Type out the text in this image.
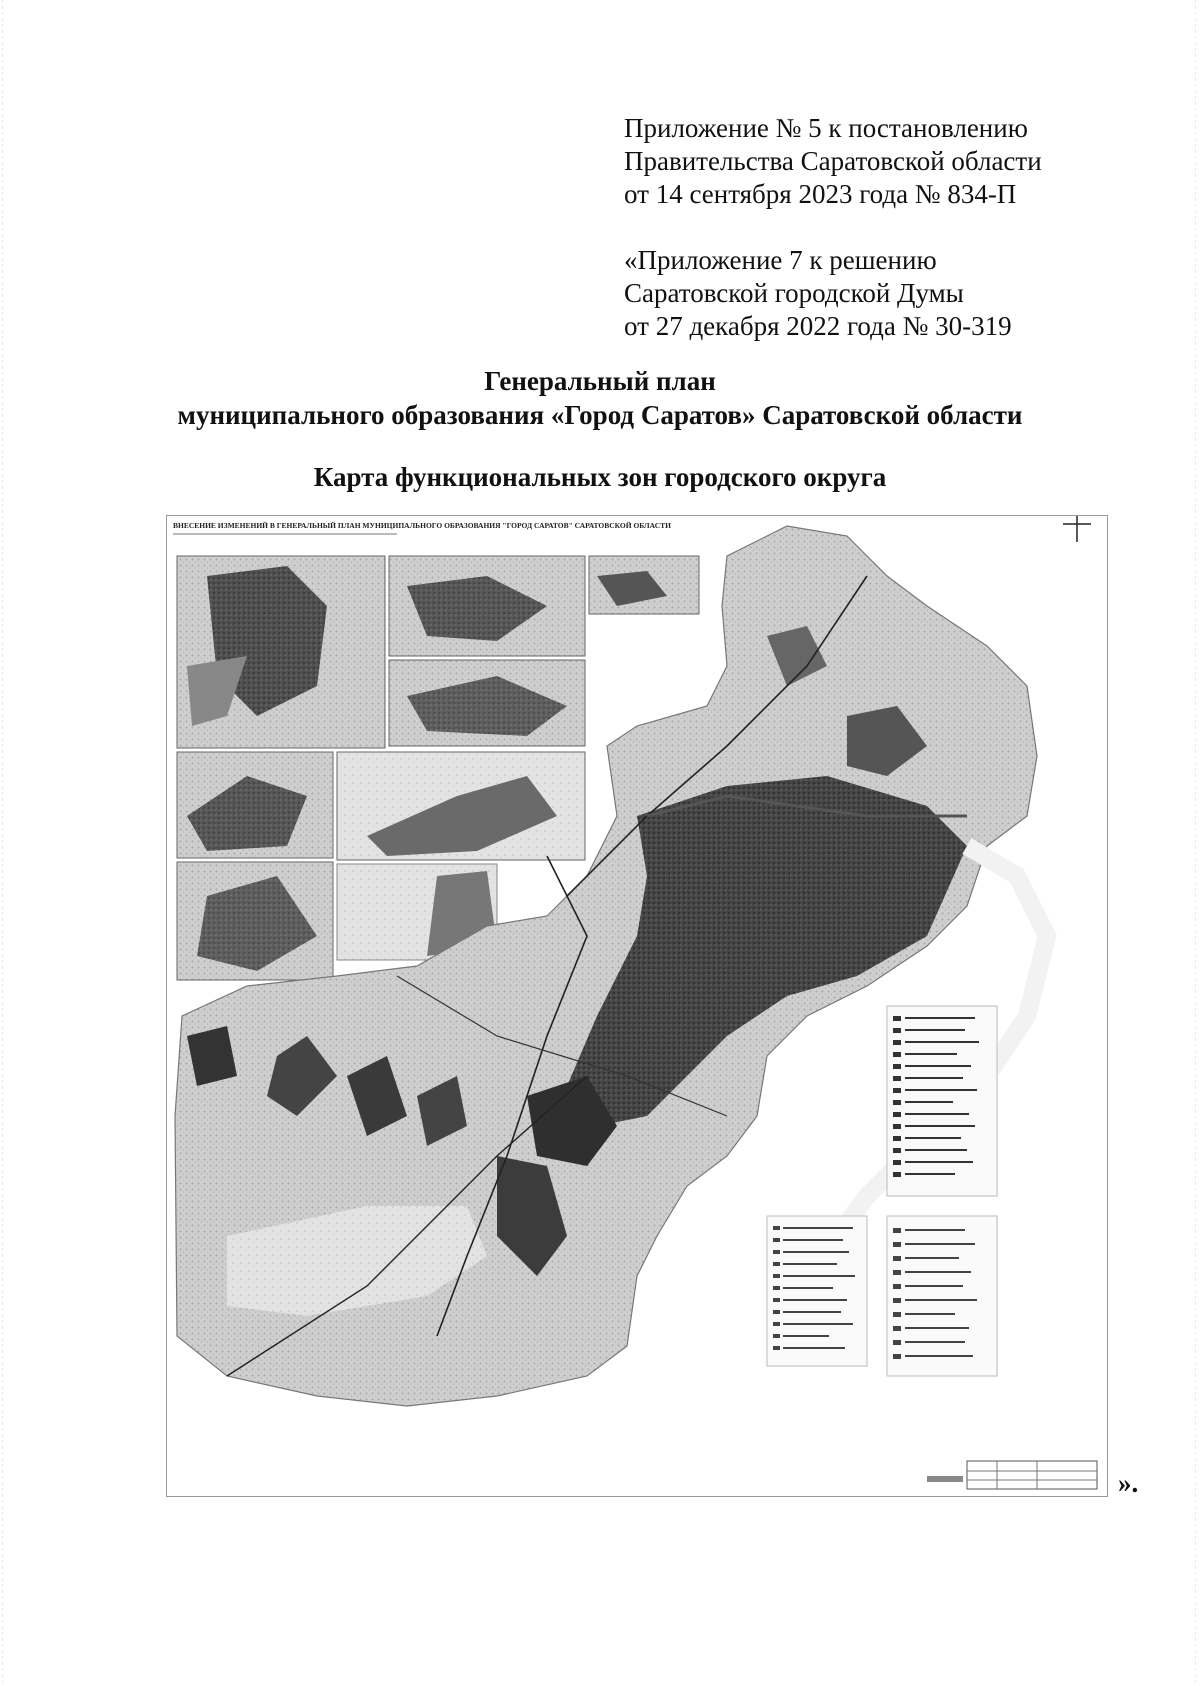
Приложение № 5 к постановлению

Правительства Саратовской области

от 14 сентября 2023 года № 834-П

«Приложение 7 к решению

Саратовской городской Думы

от 27 декабря 2022 года № 30-319

Генеральный план
муниципального образования «Город Саратов» Саратовской области
Карта функциональных зон городского округа
ВНЕСЕНИЕ ИЗМЕНЕНИЙ В ГЕНЕРАЛЬНЫЙ ПЛАН МУНИЦИПАЛЬНОГО ОБРАЗОВАНИЯ "ГОРОД САРАТОВ" САРАТОВСКОЙ ОБЛАСТИ
».
